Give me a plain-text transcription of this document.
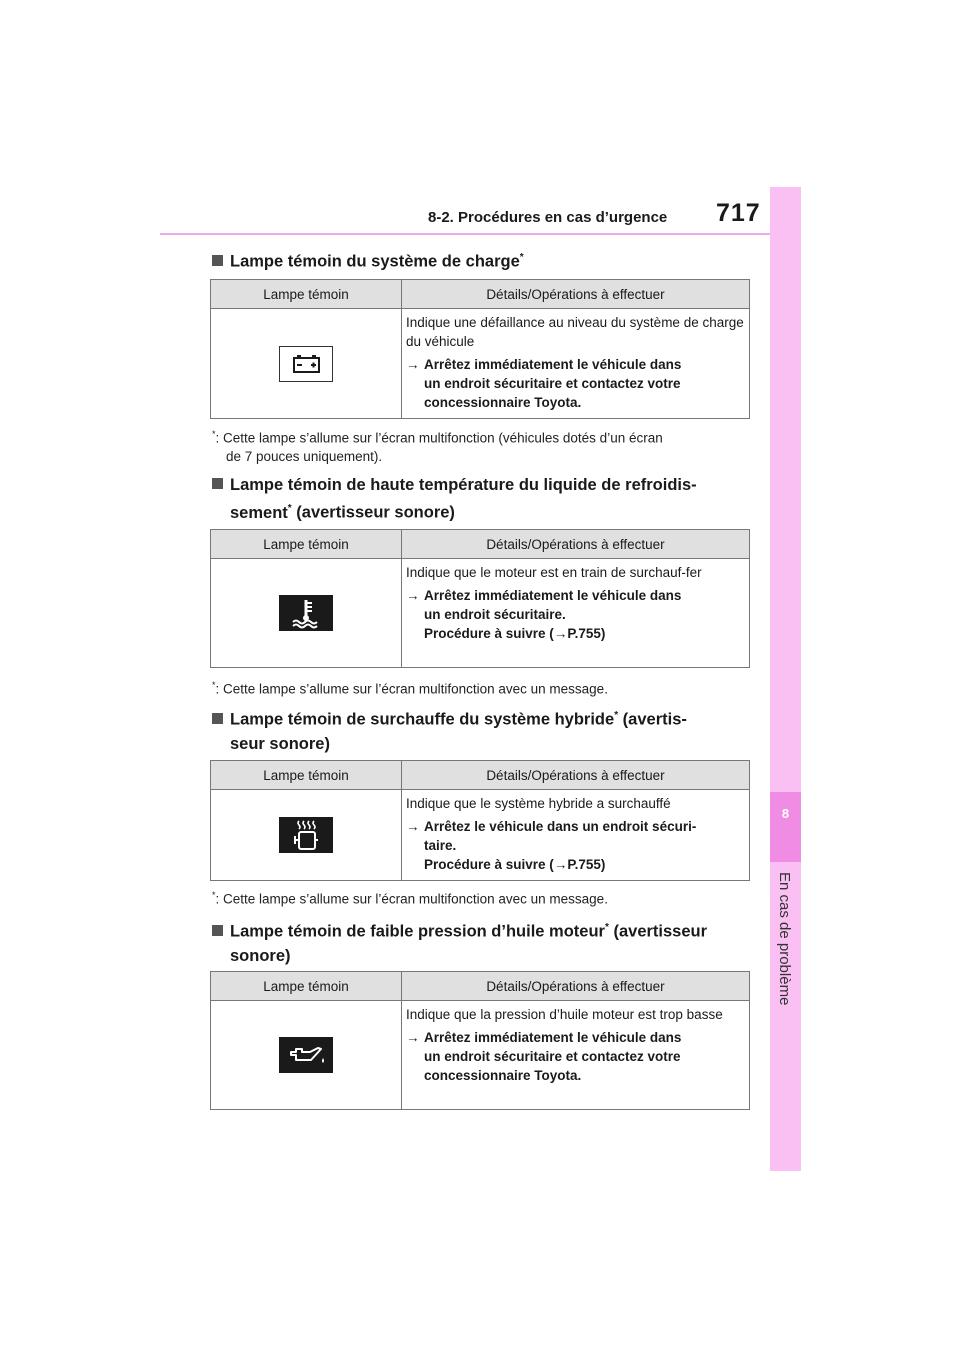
8-2. Procédures en cas d’urgence 717
8
En cas de problème
Lampe témoin du système de charge*
Lampe témoin	Détails/Opérations à effectuer

Indique une défaillance au niveau du système de charge du véhicule

→ Arrêtez immédiatement le véhicule dans
un endroit sécuritaire et contactez votre
concessionnaire Toyota.

*: Cette lampe s’allume sur l’écran multifonction (véhicules dotés d’un écran
de 7 pouces uniquement).
Lampe témoin de haute température du liquide de refroidis-
sement* (avertisseur sonore)
Lampe témoin	Détails/Opérations à effectuer

Indique que le moteur est en train de surchauf-fer

→ Arrêtez immédiatement le véhicule dans
un endroit sécuritaire.
Procédure à suivre (→P.755)

*: Cette lampe s’allume sur l’écran multifonction avec un message.
Lampe témoin de surchauffe du système hybride* (avertis-
seur sonore)
Lampe témoin	Détails/Opérations à effectuer

Indique que le système hybride a surchauffé

→ Arrêtez le véhicule dans un endroit sécuri-
taire.
Procédure à suivre (→P.755)

*: Cette lampe s’allume sur l’écran multifonction avec un message.
Lampe témoin de faible pression d’huile moteur* (avertisseur
sonore)
Lampe témoin	Détails/Opérations à effectuer

Indique que la pression d’huile moteur est trop basse

→ Arrêtez immédiatement le véhicule dans
un endroit sécuritaire et contactez votre
concessionnaire Toyota.
